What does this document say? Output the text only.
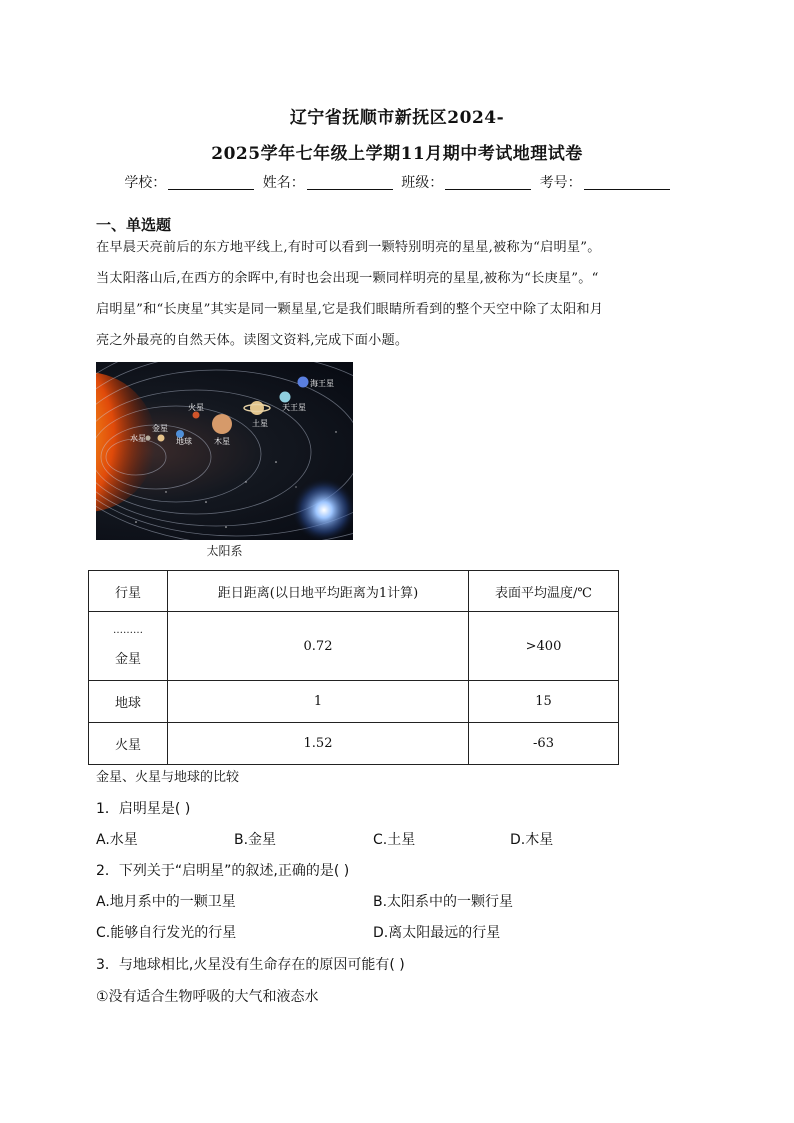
辽宁省抚顺市新抚区2024-
2025学年七年级上学期11月期中考试地理试卷
学校：	姓名：	班级：	考号：
一、单选题

在早晨天亮前后的东方地平线上,有时可以看到一颗特别明亮的星星,被称为“启明星”。

当太阳落山后,在西方的余晖中,有时也会出现一颗同样明亮的星星,被称为“长庚星”。“

启明星”和“长庚星”其实是同一颗星星,它是我们眼睛所看到的整个天空中除了太阳和月

亮之外最亮的自然天体。读图文资料,完成下面小题。

海王星
天王星
火星
土星
金星
地球	木星
水星
太阳系
行星	距日距离(以日地平均距离为1计算)	表面平均温度/℃

………
金星	0.72	>400
地球	1	15
火星	1.52	-63
金星、火星与地球的比较
1．启明星是( )
A.水星	B.金星	C.土星	D.木星
2．下列关于“启明星”的叙述,正确的是( )
A.地月系中的一颗卫星	B.太阳系中的一颗行星
C.能够自行发光的行星	D.离太阳最远的行星
3．与地球相比,火星没有生命存在的原因可能有( )
①没有适合生物呼吸的大气和液态水
